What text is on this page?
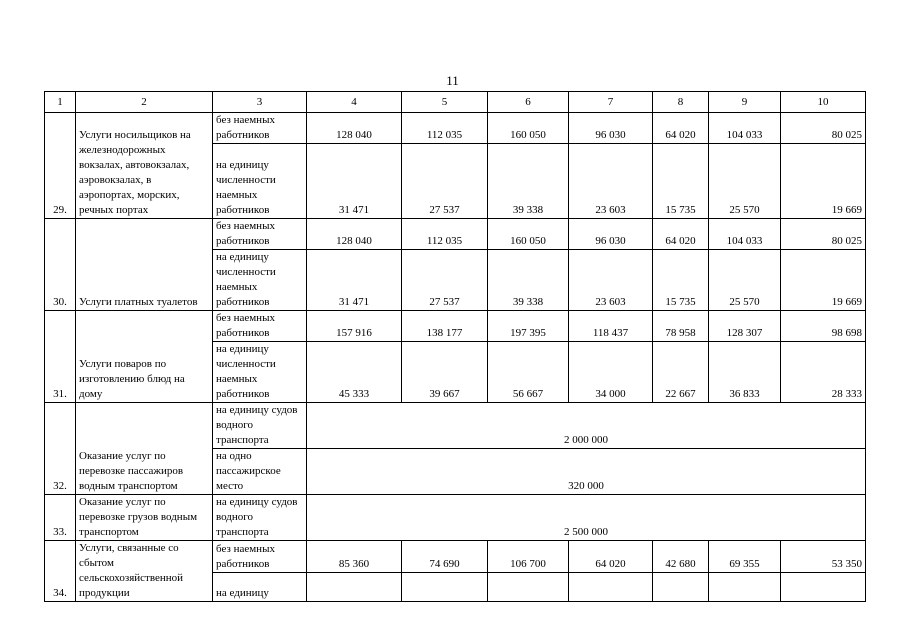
11
1	2	3	4	5	6	7	8	9	10
29.	Услуги носильщиков на железнодорожных вокзалах, автовокзалах, аэровокзалах, в аэропортах, морских, речных портах	без наемных работников	128 040	112 035	160 050	96 030	64 020	104 033	80 025
		на единицу численности наемных работников	31 471	27 537	39 338	23 603	15 735	25 570	19 669
30.	Услуги платных туалетов	без наемных работников	128 040	112 035	160 050	96 030	64 020	104 033	80 025
		на единицу численности наемных работников	31 471	27 537	39 338	23 603	15 735	25 570	19 669
31.	Услуги поваров по изготовлению блюд на дому	без наемных работников	157 916	138 177	197 395	118 437	78 958	128 307	98 698
		на единицу численности наемных работников	45 333	39 667	56 667	34 000	22 667	36 833	28 333
32.	Оказание услуг по перевозке пассажиров водным транспортом	на единицу судов водного транспорта	2 000 000						
		на одно пассажирское место	320 000						
33.	Оказание услуг по перевозке грузов водным транспортом	на единицу судов водного транспорта	2 500 000						
34.	Услуги, связанные со сбытом сельскохозяйственной продукции	без наемных работников	85 360	74 690	106 700	64 020	42 680	69 355	53 350
		на единицу							
